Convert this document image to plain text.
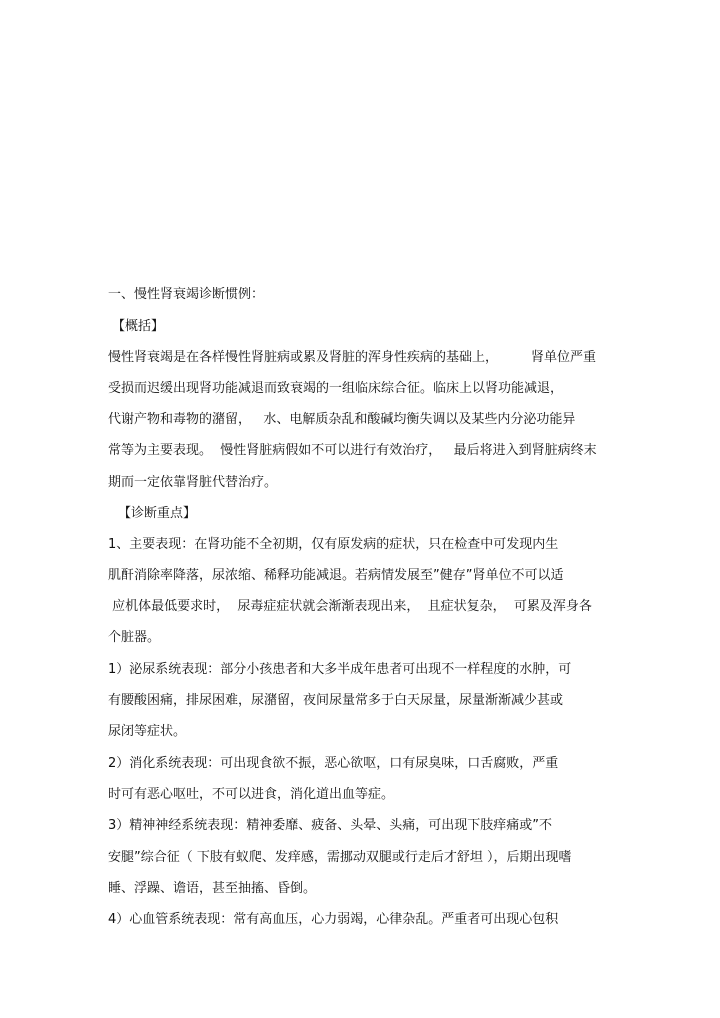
一、慢性肾衰竭诊断惯例：
【概括】
慢性肾衰竭是在各样慢性肾脏病或累及肾脏的浑身性疾病的基础上，        肾单位严重
受损而迟缓出现肾功能减退而致衰竭的一组临床综合征。临床上以肾功能减退，
代谢产物和毒物的潴留，   水、电解质杂乱和酸碱均衡失调以及某些内分泌功能异
常等为主要表现。  慢性肾脏病假如不可以进行有效治疗，   最后将进入到肾脏病终末
期而一定依靠肾脏代替治疗。
【诊断重点】
1、主要表现：在肾功能不全初期，仅有原发病的症状，只在检查中可发现内生
肌酐消除率降落，尿浓缩、稀释功能减退。若病情发展至”健存”肾单位不可以适
应机体最低要求时，  尿毒症症状就会渐渐表现出来，  且症状复杂，  可累及浑身各
个脏器。
1）泌尿系统表现：部分小孩患者和大多半成年患者可出现不一样程度的水肿，可
有腰酸困痛，排尿困难，尿潴留，夜间尿量常多于白天尿量，尿量渐渐减少甚或
尿闭等症状。
2）消化系统表现：可出现食欲不振，恶心欲呕，口有尿臭味，口舌腐败，严重
时可有恶心呕吐，不可以进食，消化道出血等症。
3）精神神经系统表现：精神委靡、疲备、头晕、头痛，可出现下肢痒痛或”不
安腿”综合征（ 下肢有蚁爬、发痒感，需挪动双腿或行走后才舒坦 ），后期出现嗜
睡、浮躁、谵语，甚至抽搐、昏倒。
4）心血管系统表现：常有高血压，心力弱竭，心律杂乱。严重者可出现心包积
